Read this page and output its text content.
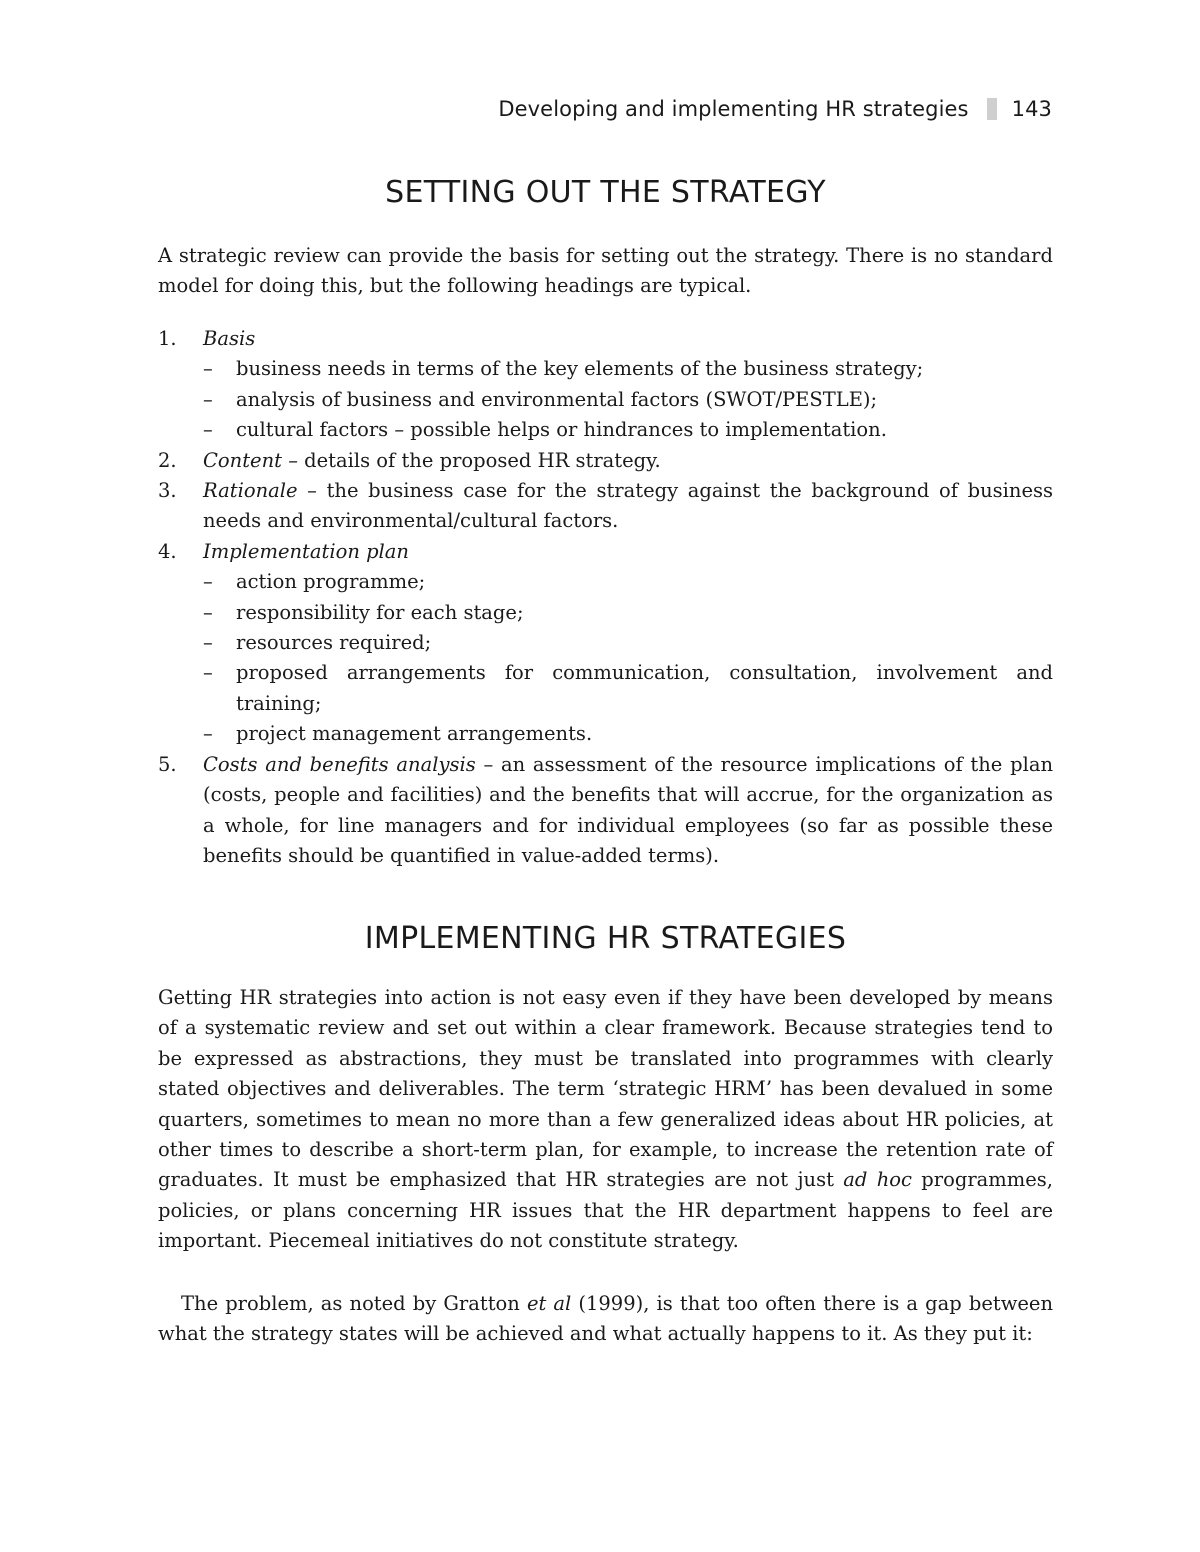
Developing and implementing HR strategies 143
SETTING OUT THE STRATEGY

A strategic review can provide the basis for setting out the strategy. There is no standard model for doing this, but the following headings are typical.

1. Basis
– business needs in terms of the key elements of the business strategy;
– analysis of business and environmental factors (SWOT/PESTLE);
– cultural factors – possible helps or hindrances to implementation.
2. Content – details of the proposed HR strategy.
3. Rationale – the business case for the strategy against the background of business needs and environmental/cultural factors.
4. Implementation plan
– action programme;
– responsibility for each stage;
– resources required;
– proposed arrangements for communication, consultation, involvement and training;
– project management arrangements.
5. Costs and benefits analysis – an assessment of the resource implications of the plan (costs, people and facilities) and the benefits that will accrue, for the organization as a whole, for line managers and for individual employees (so far as possible these benefits should be quantified in value-added terms).
IMPLEMENTING HR STRATEGIES

Getting HR strategies into action is not easy even if they have been developed by means of a systematic review and set out within a clear framework. Because strategies tend to be expressed as abstractions, they must be translated into programmes with clearly stated objectives and deliverables. The term ‘strategic HRM’ has been devalued in some quarters, sometimes to mean no more than a few generalized ideas about HR policies, at other times to describe a short-term plan, for example, to increase the retention rate of graduates. It must be emphasized that HR strategies are not just ad hoc programmes, policies, or plans concerning HR issues that the HR department happens to feel are important. Piecemeal initiatives do not constitute strategy.

The problem, as noted by Gratton et al (1999), is that too often there is a gap between what the strategy states will be achieved and what actually happens to it. As they put it:
